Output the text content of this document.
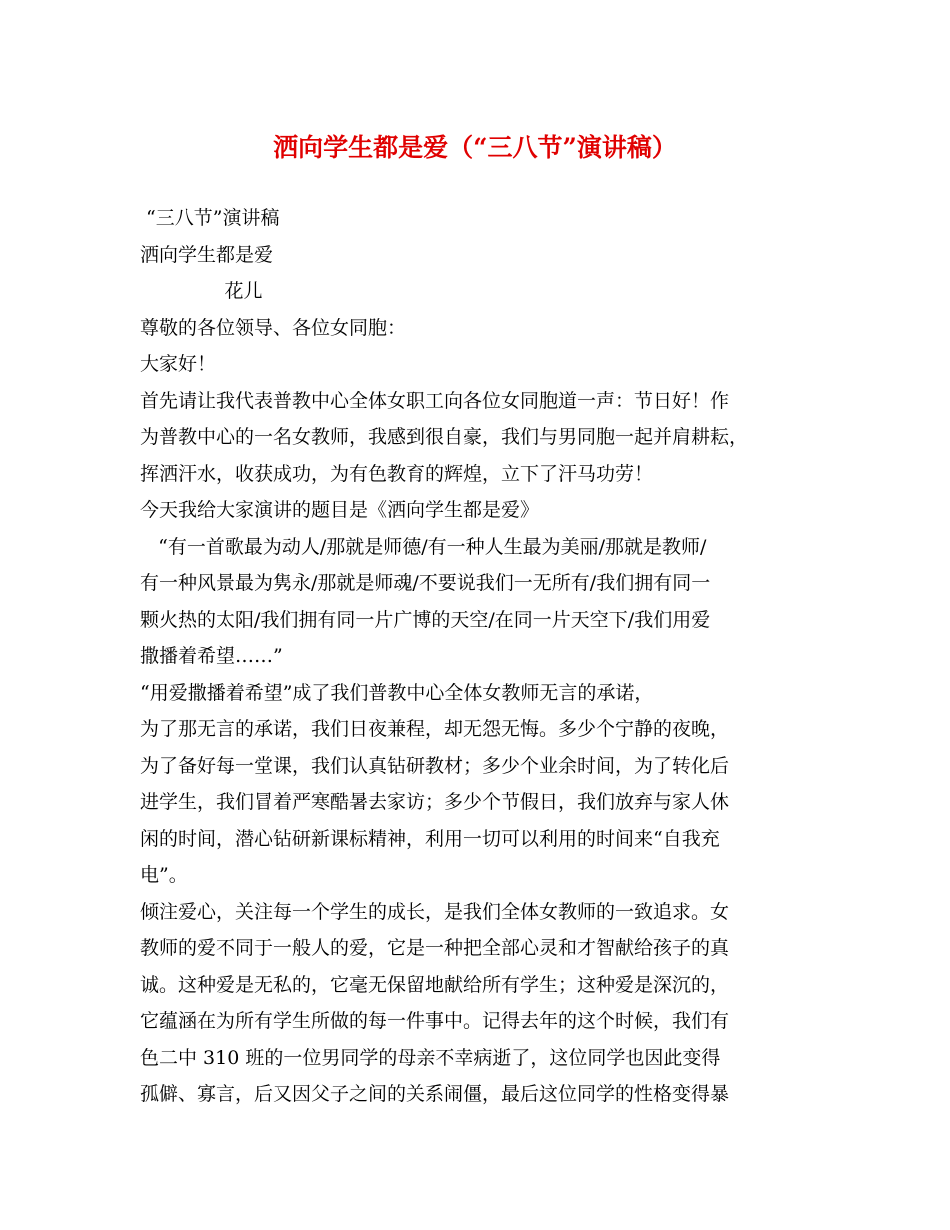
洒向学生都是爱（“三八节”演讲稿）
“三八节”演讲稿
洒向学生都是爱
花儿
尊敬的各位领导、各位女同胞：
大家好！
首先请让我代表普教中心全体女职工向各位女同胞道一声：节日好！作
为普教中心的一名女教师，我感到很自豪，我们与男同胞一起并肩耕耘，
挥洒汗水，收获成功，为有色教育的辉煌，立下了汗马功劳！
今天我给大家演讲的题目是《洒向学生都是爱》
“有一首歌最为动人/那就是师德/有一种人生最为美丽/那就是教师/
有一种风景最为隽永/那就是师魂/不要说我们一无所有/我们拥有同一
颗火热的太阳/我们拥有同一片广博的天空/在同一片天空下/我们用爱
撒播着希望……”
“用爱撒播着希望”成了我们普教中心全体女教师无言的承诺，
为了那无言的承诺，我们日夜兼程，却无怨无悔。多少个宁静的夜晚，
为了备好每一堂课，我们认真钻研教材；多少个业余时间，为了转化后
进学生，我们冒着严寒酷暑去家访；多少个节假日，我们放弃与家人休
闲的时间，潜心钻研新课标精神，利用一切可以利用的时间来“自我充
电”。
倾注爱心，关注每一个学生的成长，是我们全体女教师的一致追求。女
教师的爱不同于一般人的爱，它是一种把全部心灵和才智献给孩子的真
诚。这种爱是无私的，它毫无保留地献给所有学生；这种爱是深沉的，
它蕴涵在为所有学生所做的每一件事中。记得去年的这个时候，我们有
色二中 310 班的一位男同学的母亲不幸病逝了，这位同学也因此变得
孤僻、寡言，后又因父子之间的关系闹僵，最后这位同学的性格变得暴
